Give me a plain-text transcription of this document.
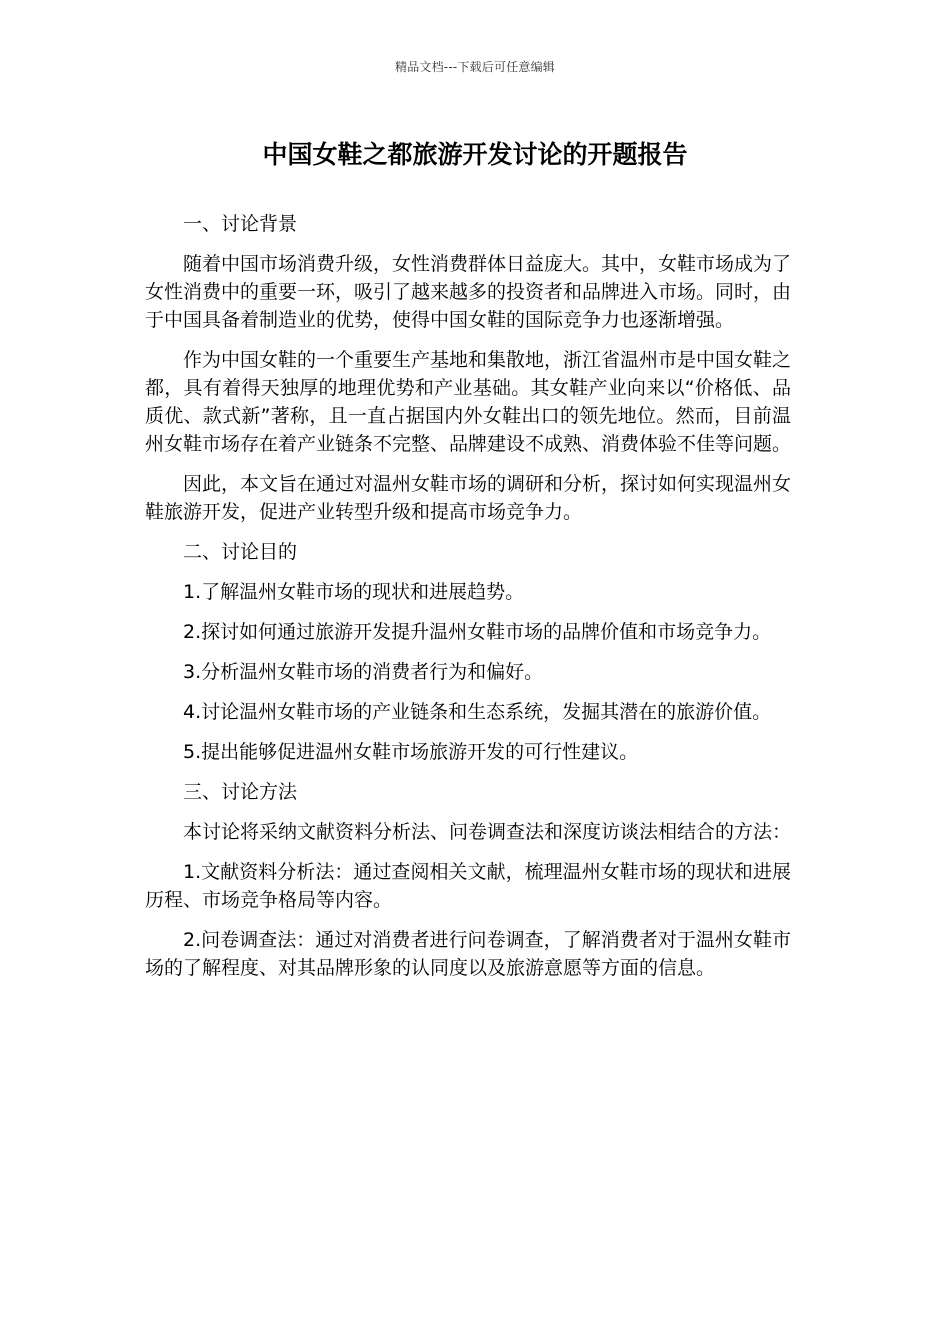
精品文档---下载后可任意编辑
中国女鞋之都旅游开发讨论的开题报告

一、讨论背景

随着中国市场消费升级，女性消费群体日益庞大。其中，女鞋市场成为了女性消费中的重要一环，吸引了越来越多的投资者和品牌进入市场。同时，由于中国具备着制造业的优势，使得中国女鞋的国际竞争力也逐渐增强。

作为中国女鞋的一个重要生产基地和集散地，浙江省温州市是中国女鞋之都，具有着得天独厚的地理优势和产业基础。其女鞋产业向来以“价格低、品质优、款式新”著称，且一直占据国内外女鞋出口的领先地位。然而，目前温州女鞋市场存在着产业链条不完整、品牌建设不成熟、消费体验不佳等问题。

因此，本文旨在通过对温州女鞋市场的调研和分析，探讨如何实现温州女鞋旅游开发，促进产业转型升级和提高市场竞争力。

二、讨论目的

1.了解温州女鞋市场的现状和进展趋势。

2.探讨如何通过旅游开发提升温州女鞋市场的品牌价值和市场竞争力。

3.分析温州女鞋市场的消费者行为和偏好。

4.讨论温州女鞋市场的产业链条和生态系统，发掘其潜在的旅游价值。

5.提出能够促进温州女鞋市场旅游开发的可行性建议。

三、讨论方法

本讨论将采纳文献资料分析法、问卷调查法和深度访谈法相结合的方法：

1.文献资料分析法：通过查阅相关文献，梳理温州女鞋市场的现状和进展历程、市场竞争格局等内容。

2.问卷调查法：通过对消费者进行问卷调查，了解消费者对于温州女鞋市场的了解程度、对其品牌形象的认同度以及旅游意愿等方面的信息。
